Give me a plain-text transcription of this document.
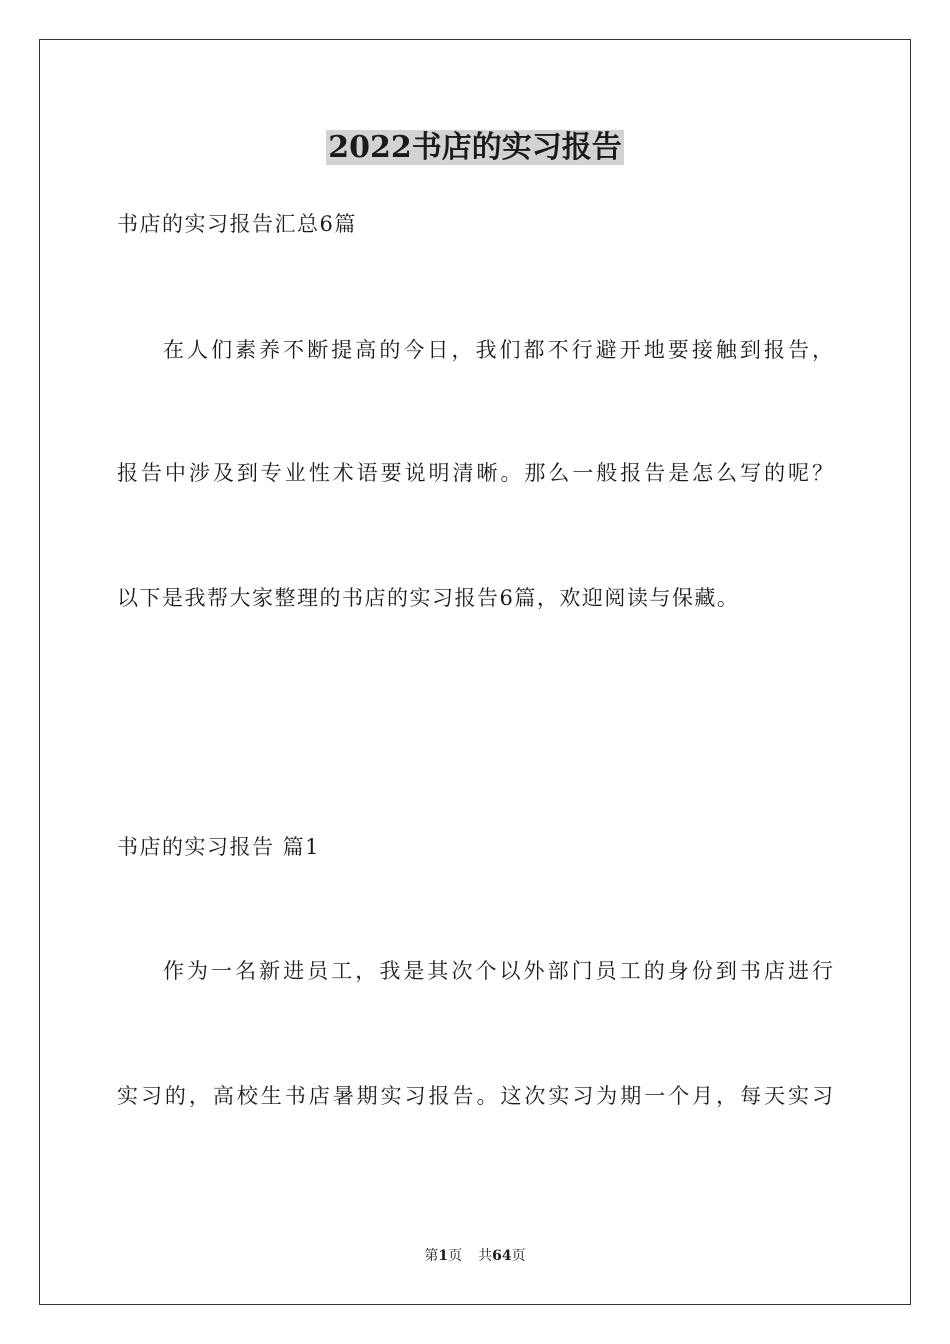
2022书店的实习报告
书店的实习报告汇总6篇
在人们素养不断提高的今日，我们都不行避开地要接触到报告，
报告中涉及到专业性术语要说明清晰。那么一般报告是怎么写的呢？
以下是我帮大家整理的书店的实习报告6篇，欢迎阅读与保藏。
书店的实习报告 篇1
作为一名新进员工，我是其次个以外部门员工的身份到书店进行
实习的，高校生书店暑期实习报告。这次实习为期一个月，每天实习
第1页 共64页
